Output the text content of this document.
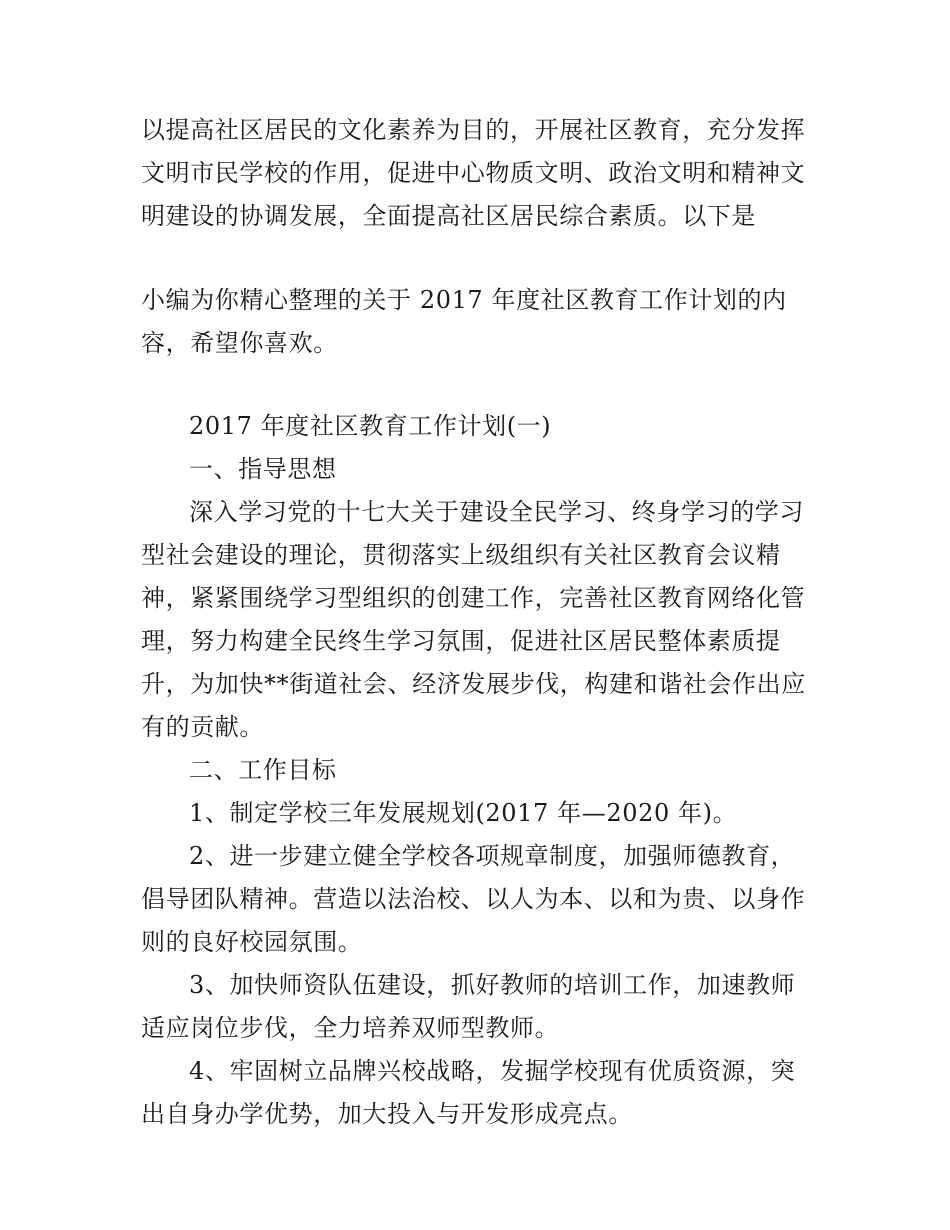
以提高社区居民的文化素养为目的，开展社区教育，充分发挥
文明市民学校的作用，促进中心物质文明、政治文明和精神文
明建设的协调发展，全面提高社区居民综合素质。以下是
小编为你精心整理的关于 2017 年度社区教育工作计划的内
容，希望你喜欢。
2017 年度社区教育工作计划(一)
一、指导思想
深入学习党的十七大关于建设全民学习、终身学习的学习
型社会建设的理论，贯彻落实上级组织有关社区教育会议精
神，紧紧围绕学习型组织的创建工作，完善社区教育网络化管
理，努力构建全民终生学习氛围，促进社区居民整体素质提
升，为加快**街道社会、经济发展步伐，构建和谐社会作出应
有的贡献。
二、工作目标
1、制定学校三年发展规划(2017 年—2020 年)。
2、进一步建立健全学校各项规章制度，加强师德教育，
倡导团队精神。营造以法治校、以人为本、以和为贵、以身作
则的良好校园氛围。
3、加快师资队伍建设，抓好教师的培训工作，加速教师
适应岗位步伐，全力培养双师型教师。
4、牢固树立品牌兴校战略，发掘学校现有优质资源，突
出自身办学优势，加大投入与开发形成亮点。
